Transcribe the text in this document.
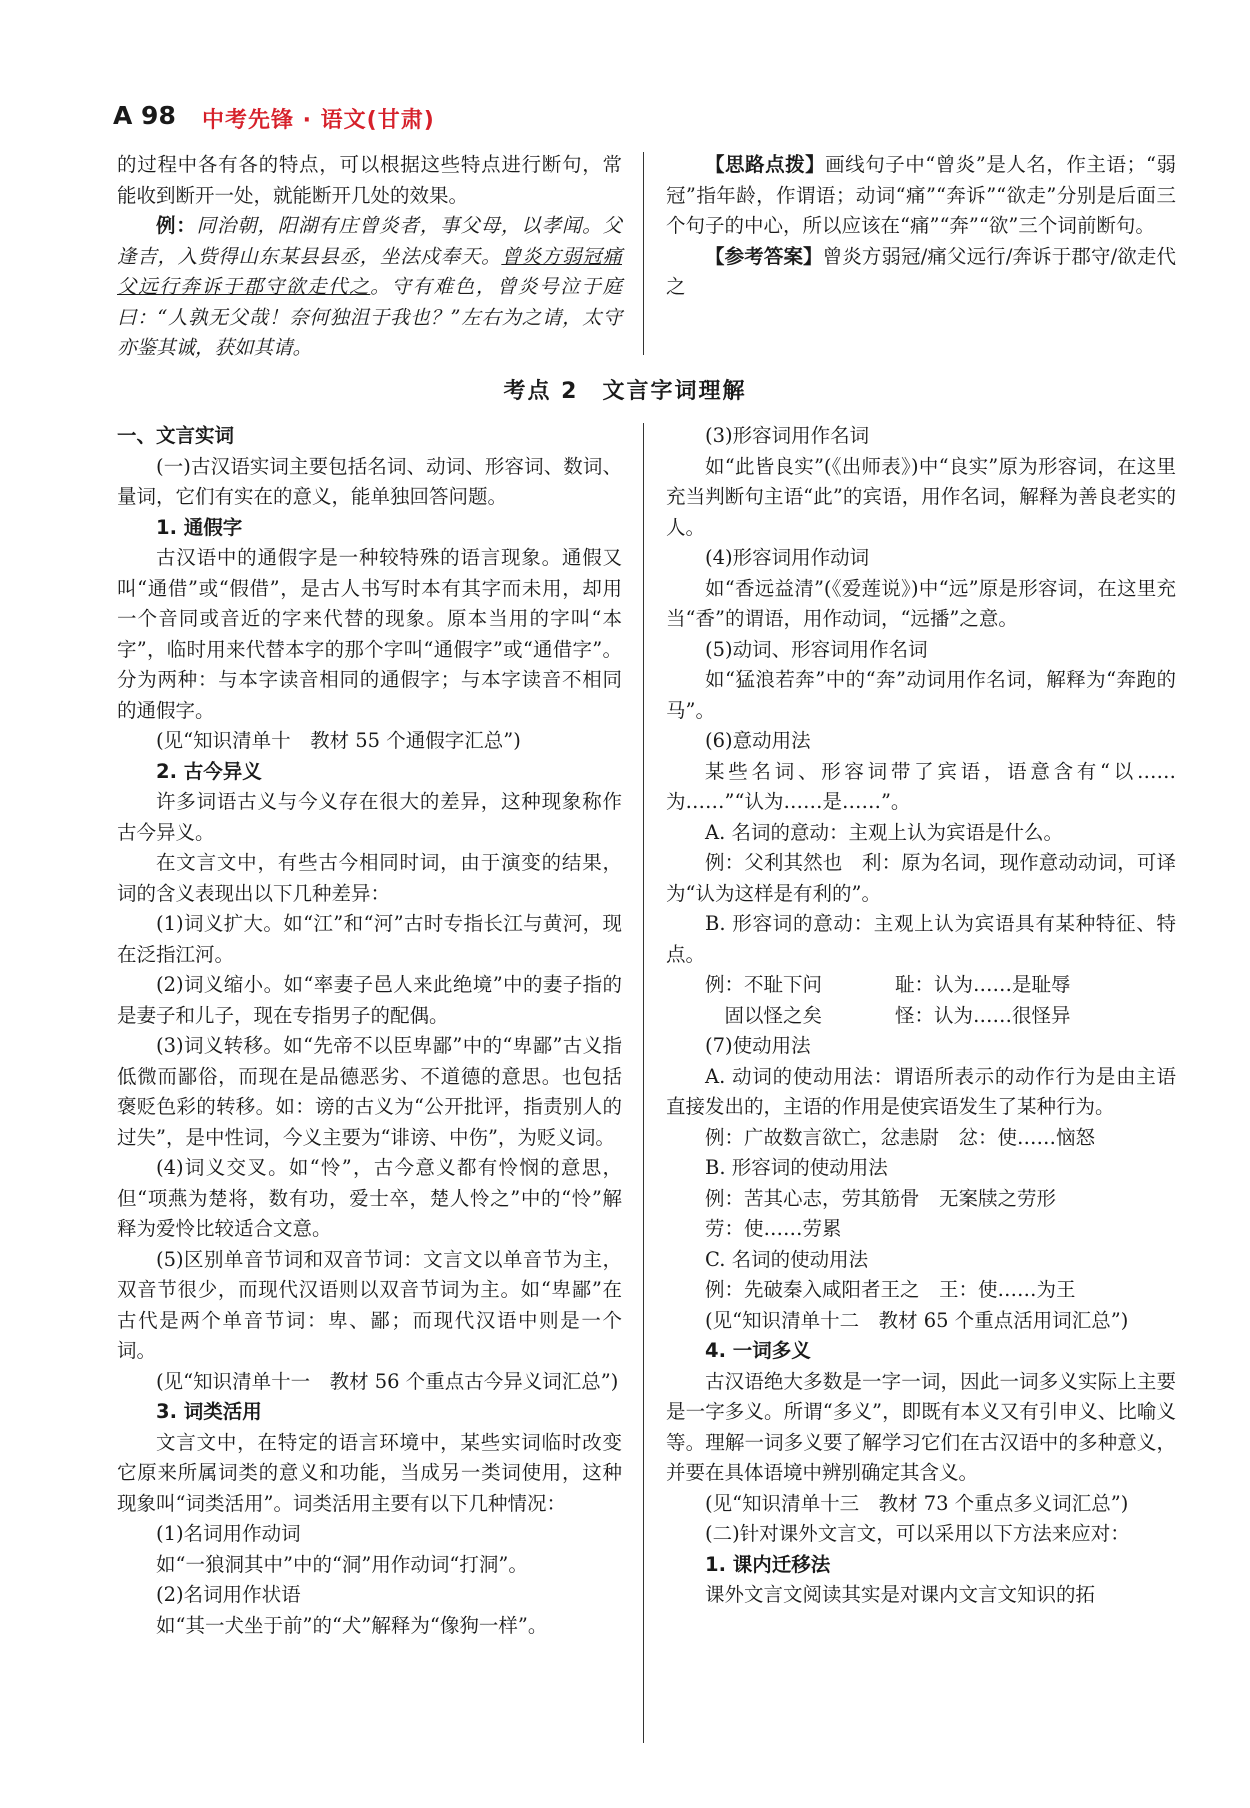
A 98 中考先锋 · 语文(甘肃)

的过程中各有各的特点，可以根据这些特点进行断句，常能收到断开一处，就能断开几处的效果。

例：同治朝，阳湖有庄曾炎者，事父母，以孝闻。父逢吉，入赀得山东某县县丞，坐法戍奉天。曾炎方弱冠痛父远行奔诉于郡守欲走代之。守有难色，曾炎号泣于庭曰：“人孰无父哉！奈何独沮于我也？”左右为之请，太守亦鉴其诚，获如其请。

【思路点拨】画线句子中“曾炎”是人名，作主语；“弱冠”指年龄，作谓语；动词“痛”“奔诉”“欲走”分别是后面三个句子的中心，所以应该在“痛”“奔”“欲”三个词前断句。

【参考答案】曾炎方弱冠/痛父远行/奔诉于郡守/欲走代之

考点 2　文言字词理解
一、文言实词

(一)古汉语实词主要包括名词、动词、形容词、数词、量词，它们有实在的意义，能单独回答问题。

1. 通假字

古汉语中的通假字是一种较特殊的语言现象。通假又叫“通借”或“假借”，是古人书写时本有其字而未用，却用一个音同或音近的字来代替的现象。原本当用的字叫“本字”，临时用来代替本字的那个字叫“通假字”或“通借字”。分为两种：与本字读音相同的通假字；与本字读音不相同的通假字。

(见“知识清单十　教材 55 个通假字汇总”)

2. 古今异义

许多词语古义与今义存在很大的差异，这种现象称作古今异义。

在文言文中，有些古今相同时词，由于演变的结果，词的含义表现出以下几种差异：

(1)词义扩大。如“江”和“河”古时专指长江与黄河，现在泛指江河。

(2)词义缩小。如“率妻子邑人来此绝境”中的妻子指的是妻子和儿子，现在专指男子的配偶。

(3)词义转移。如“先帝不以臣卑鄙”中的“卑鄙”古义指低微而鄙俗，而现在是品德恶劣、不道德的意思。也包括褒贬色彩的转移。如：谤的古义为“公开批评，指责别人的过失”，是中性词，今义主要为“诽谤、中伤”，为贬义词。

(4)词义交叉。如“怜”，古今意义都有怜悯的意思，但“项燕为楚将，数有功，爱士卒，楚人怜之”中的“怜”解释为爱怜比较适合文意。

(5)区别单音节词和双音节词：文言文以单音节为主，双音节很少，而现代汉语则以双音节词为主。如“卑鄙”在古代是两个单音节词：卑、鄙；而现代汉语中则是一个词。

(见“知识清单十一　教材 56 个重点古今异义词汇总”)

3. 词类活用

文言文中，在特定的语言环境中，某些实词临时改变它原来所属词类的意义和功能，当成另一类词使用，这种现象叫“词类活用”。词类活用主要有以下几种情况：

(1)名词用作动词

如“一狼洞其中”中的“洞”用作动词“打洞”。

(2)名词用作状语

如“其一犬坐于前”的“犬”解释为“像狗一样”。

(3)形容词用作名词

如“此皆良实”(《出师表》)中“良实”原为形容词，在这里充当判断句主语“此”的宾语，用作名词，解释为善良老实的人。

(4)形容词用作动词

如“香远益清”(《爱莲说》)中“远”原是形容词，在这里充当“香”的谓语，用作动词，“远播”之意。

(5)动词、形容词用作名词

如“猛浪若奔”中的“奔”动词用作名词，解释为“奔跑的马”。

(6)意动用法

某些名词、形容词带了宾语，语意含有“以……为……”“认为……是……”。

A. 名词的意动：主观上认为宾语是什么。

例：父利其然也　利：原为名词，现作意动动词，可译为“认为这样是有利的”。

B. 形容词的意动：主观上认为宾语具有某种特征、特点。

例：不耻下问	耻：认为……是耻辱

　固以怪之矣	怪：认为……很怪异

(7)使动用法

A. 动词的使动用法：谓语所表示的动作行为是由主语直接发出的，主语的作用是使宾语发生了某种行为。

例：广故数言欲亡，忿恚尉　忿：使……恼怒

B. 形容词的使动用法

例：苦其心志，劳其筋骨　无案牍之劳形

劳：使……劳累

C. 名词的使动用法

例：先破秦入咸阳者王之　王：使……为王

(见“知识清单十二　教材 65 个重点活用词汇总”)

4. 一词多义

古汉语绝大多数是一字一词，因此一词多义实际上主要是一字多义。所谓“多义”，即既有本义又有引申义、比喻义等。理解一词多义要了解学习它们在古汉语中的多种意义，并要在具体语境中辨别确定其含义。

(见“知识清单十三　教材 73 个重点多义词汇总”)

(二)针对课外文言文，可以采用以下方法来应对：

1. 课内迁移法

课外文言文阅读其实是对课内文言文知识的拓
